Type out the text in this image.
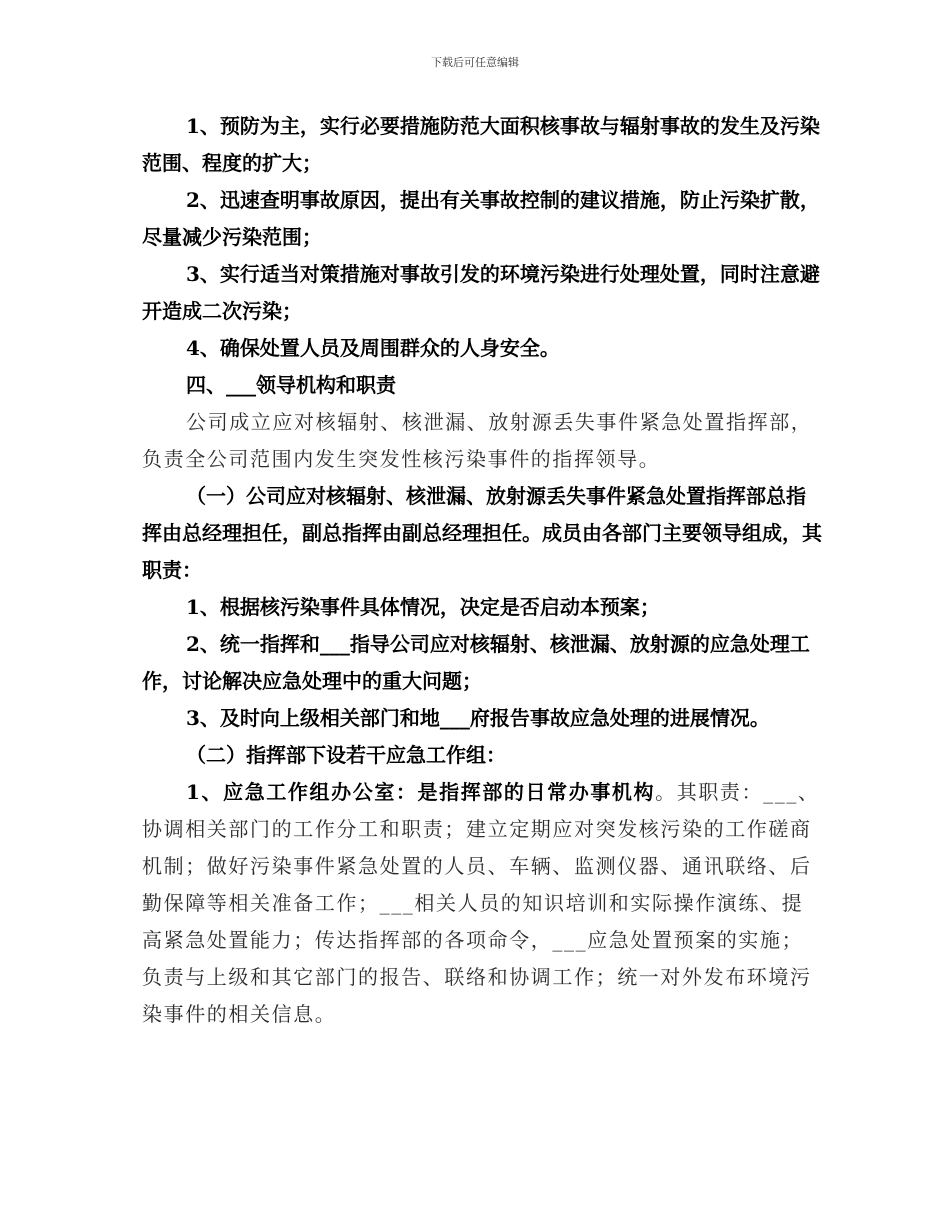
下载后可任意编辑

1、预防为主，实行必要措施防范大面积核事故与辐射事故的发生及污染范围、程度的扩大；

2、迅速查明事故原因，提出有关事故控制的建议措施，防止污染扩散，尽量减少污染范围；

3、实行适当对策措施对事故引发的环境污染进行处理处置，同时注意避开造成二次污染；

4、确保处置人员及周围群众的人身安全。

四、___领导机构和职责

公司成立应对核辐射、核泄漏、放射源丢失事件紧急处置指挥部，负责全公司范围内发生突发性核污染事件的指挥领导。

（一）公司应对核辐射、核泄漏、放射源丢失事件紧急处置指挥部总指挥由总经理担任，副总指挥由副总经理担任。成员由各部门主要领导组成，其职责：

1、根据核污染事件具体情况，决定是否启动本预案；

2、统一指挥和___指导公司应对核辐射、核泄漏、放射源的应急处理工作，讨论解决应急处理中的重大问题；

3、及时向上级相关部门和地___府报告事故应急处理的进展情况。

（二）指挥部下设若干应急工作组：

1、应急工作组办公室：是指挥部的日常办事机构。其职责：___、协调相关部门的工作分工和职责；建立定期应对突发核污染的工作磋商机制；做好污染事件紧急处置的人员、车辆、监测仪器、通讯联络、后勤保障等相关准备工作；___相关人员的知识培训和实际操作演练、提高紧急处置能力；传达指挥部的各项命令，___应急处置预案的实施；负责与上级和其它部门的报告、联络和协调工作；统一对外发布环境污染事件的相关信息。
